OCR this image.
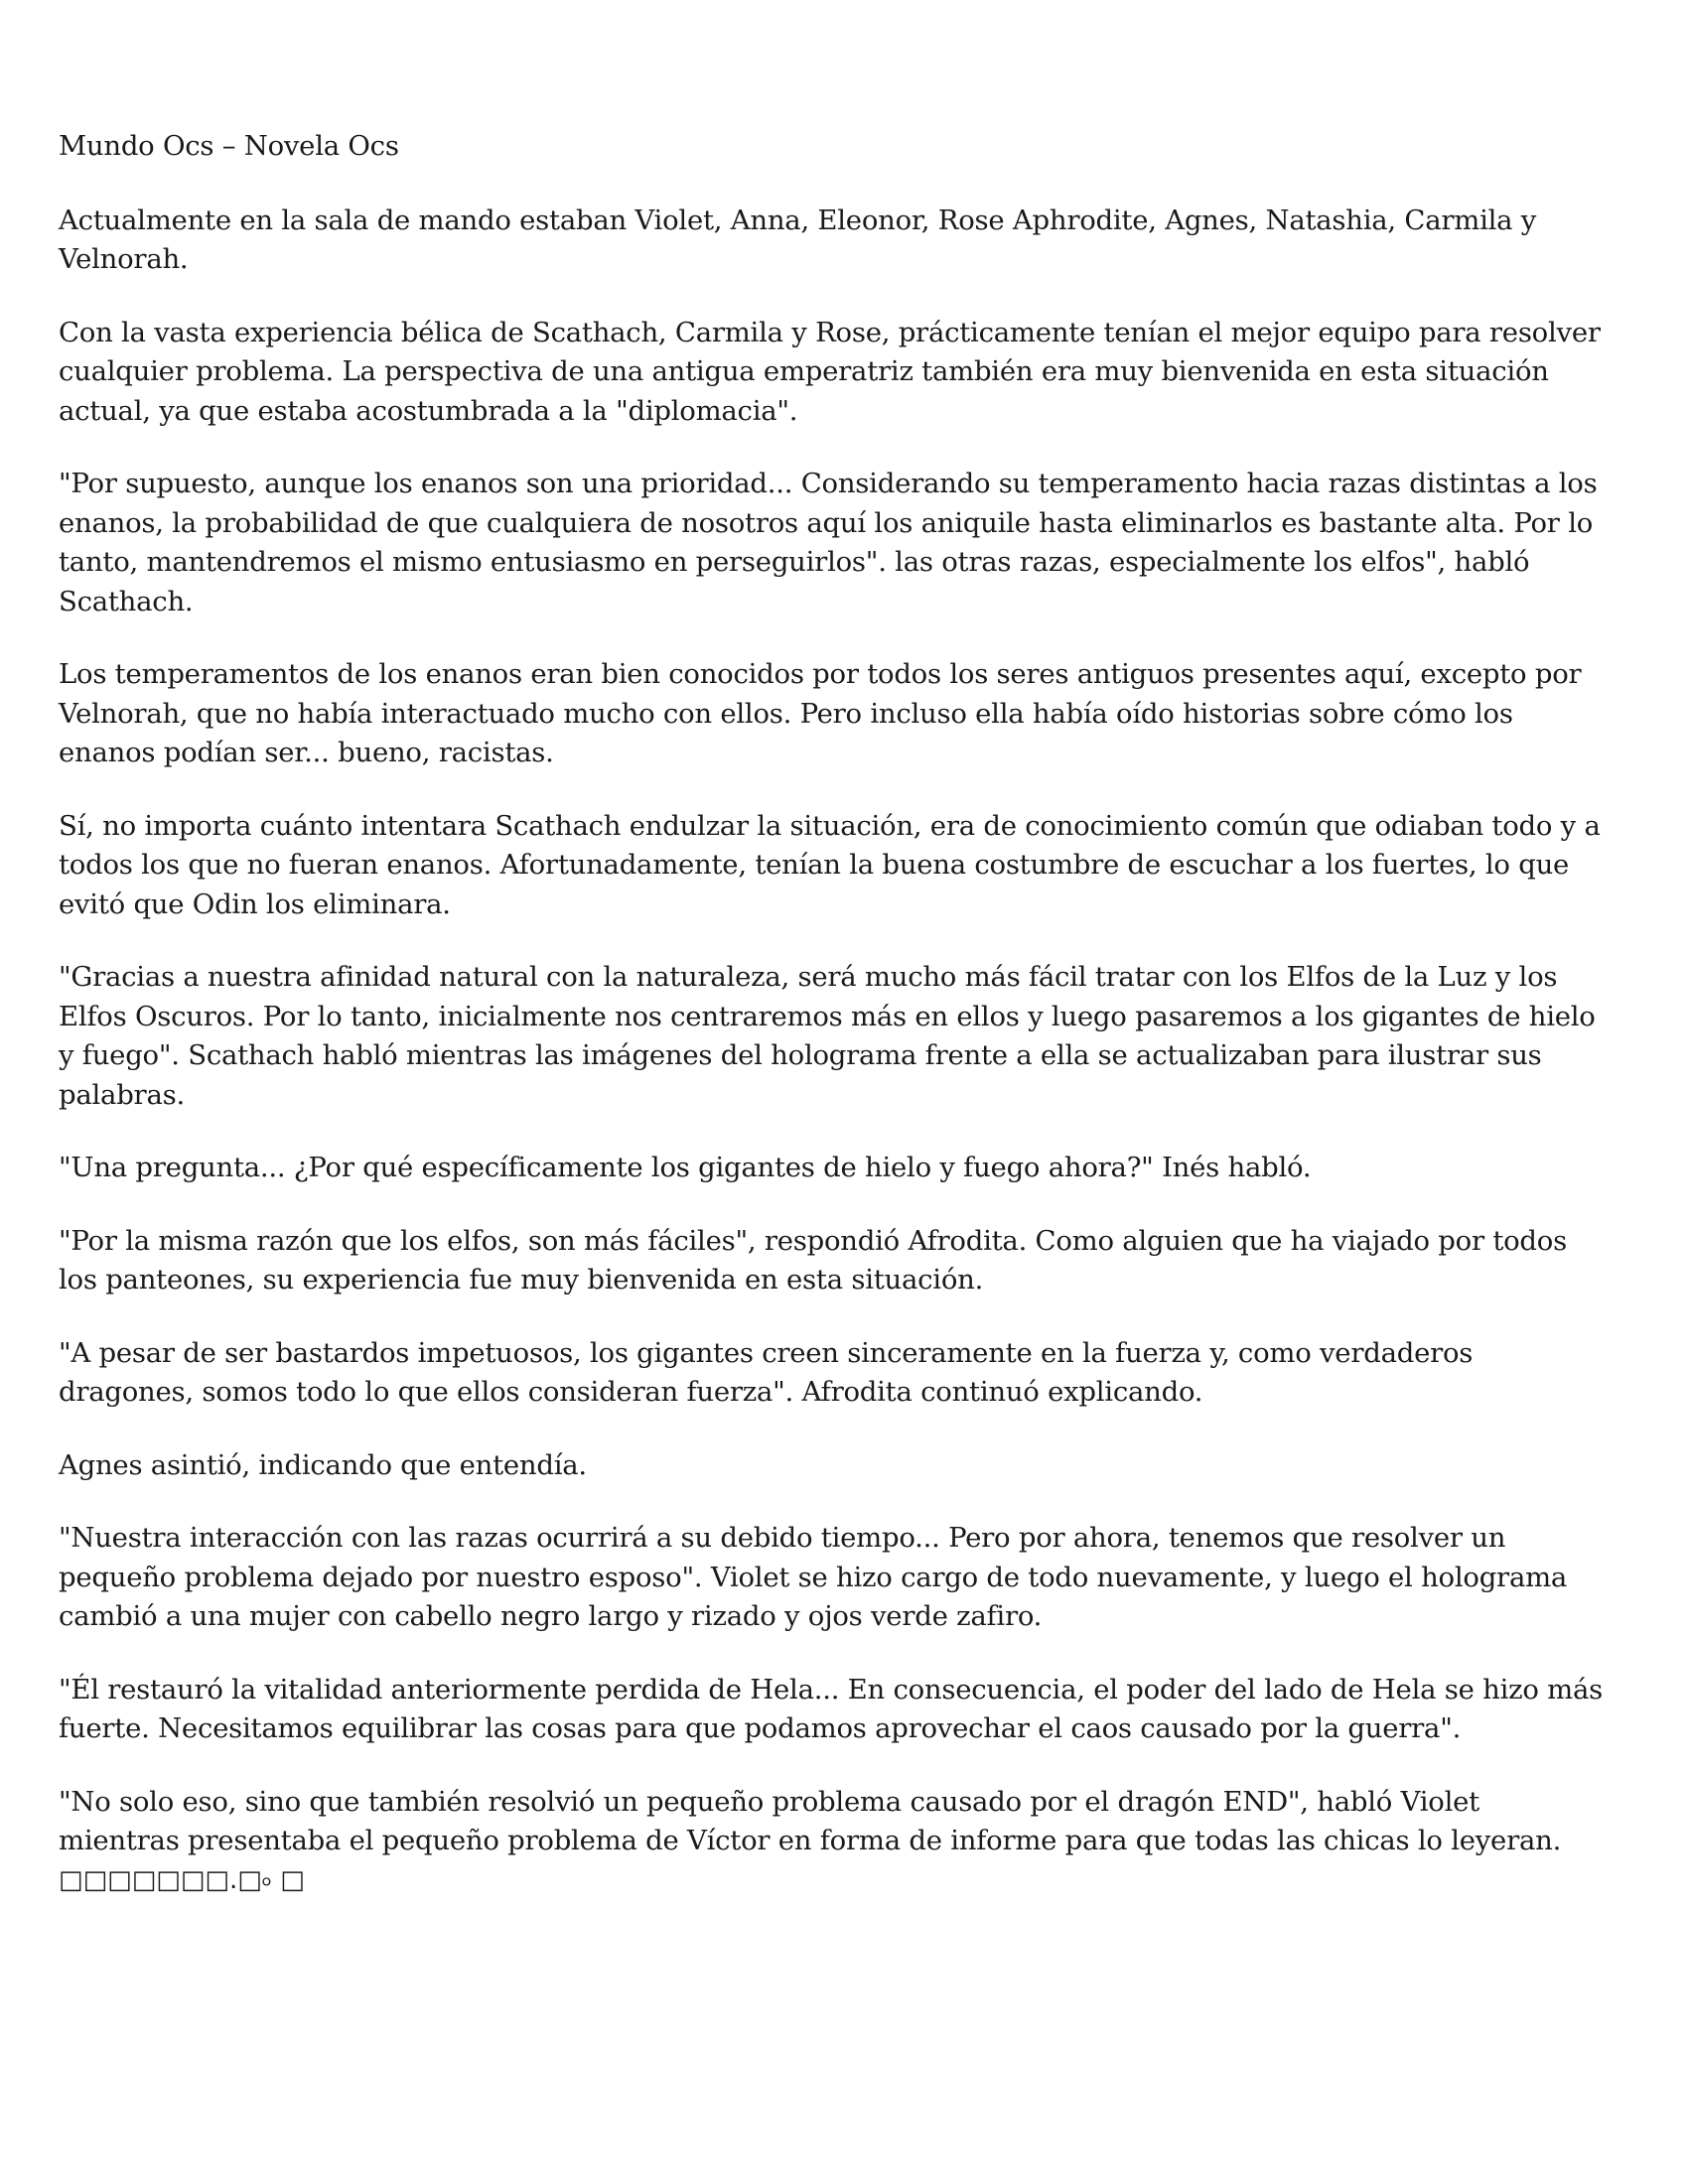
Mundo Ocs – Novela Ocs

Actualmente en la sala de mando estaban Violet, Anna, Eleonor, Rose Aphrodite, Agnes, Natashia, Carmila y
Velnorah.

Con la vasta experiencia bélica de Scathach, Carmila y Rose, prácticamente tenían el mejor equipo para resolver
cualquier problema. La perspectiva de una antigua emperatriz también era muy bienvenida en esta situación
actual, ya que estaba acostumbrada a la "diplomacia".

"Por supuesto, aunque los enanos son una prioridad... Considerando su temperamento hacia razas distintas a los
enanos, la probabilidad de que cualquiera de nosotros aquí los aniquile hasta eliminarlos es bastante alta. Por lo
tanto, mantendremos el mismo entusiasmo en perseguirlos". las otras razas, especialmente los elfos", habló
Scathach.

Los temperamentos de los enanos eran bien conocidos por todos los seres antiguos presentes aquí, excepto por
Velnorah, que no había interactuado mucho con ellos. Pero incluso ella había oído historias sobre cómo los
enanos podían ser... bueno, racistas.

Sí, no importa cuánto intentara Scathach endulzar la situación, era de conocimiento común que odiaban todo y a
todos los que no fueran enanos. Afortunadamente, tenían la buena costumbre de escuchar a los fuertes, lo que
evitó que Odin los eliminara.

"Gracias a nuestra afinidad natural con la naturaleza, será mucho más fácil tratar con los Elfos de la Luz y los
Elfos Oscuros. Por lo tanto, inicialmente nos centraremos más en ellos y luego pasaremos a los gigantes de hielo
y fuego". Scathach habló mientras las imágenes del holograma frente a ella se actualizaban para ilustrar sus
palabras.

"Una pregunta... ¿Por qué específicamente los gigantes de hielo y fuego ahora?" Inés habló.

"Por la misma razón que los elfos, son más fáciles", respondió Afrodita. Como alguien que ha viajado por todos
los panteones, su experiencia fue muy bienvenida en esta situación.

"A pesar de ser bastardos impetuosos, los gigantes creen sinceramente en la fuerza y, como verdaderos
dragones, somos todo lo que ellos consideran fuerza". Afrodita continuó explicando.

Agnes asintió, indicando que entendía.

"Nuestra interacción con las razas ocurrirá a su debido tiempo... Pero por ahora, tenemos que resolver un
pequeño problema dejado por nuestro esposo". Violet se hizo cargo de todo nuevamente, y luego el holograma
cambió a una mujer con cabello negro largo y rizado y ojos verde zafiro.

"Él restauró la vitalidad anteriormente perdida de Hela... En consecuencia, el poder del lado de Hela se hizo más
fuerte. Necesitamos equilibrar las cosas para que podamos aprovechar el caos causado por la guerra".

"No solo eso, sino que también resolvió un pequeño problema causado por el dragón END", habló Violet
mientras presentaba el pequeño problema de Víctor en forma de informe para que todas las chicas lo leyeran.

□□□□□□□.□৹ □
